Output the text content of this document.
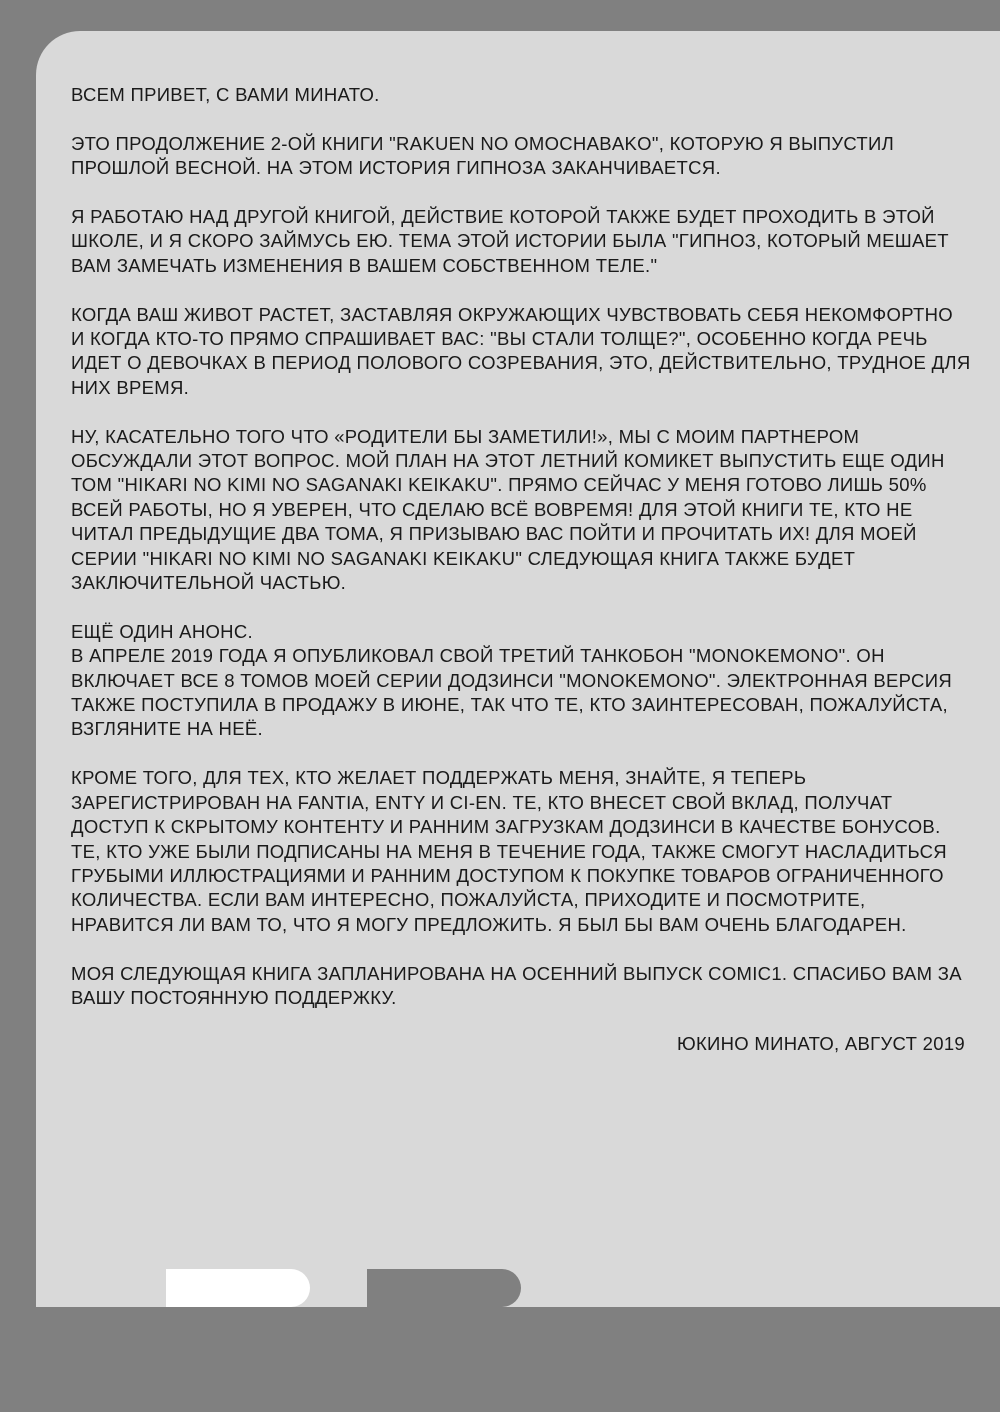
ВСЕМ ПРИВЕТ, С ВАМИ МИНАТО.

ЭТО ПРОДОЛЖЕНИЕ 2-ОЙ КНИГИ "RAKUEN NO OMOCHABAKO", КОТОРУЮ Я ВЫПУСТИЛ ПРОШЛОЙ ВЕСНОЙ. НА ЭТОМ ИСТОРИЯ ГИПНОЗА ЗАКАНЧИВАЕТСЯ.

Я РАБОТАЮ НАД ДРУГОЙ КНИГОЙ, ДЕЙСТВИЕ КОТОРОЙ ТАКЖЕ БУДЕТ ПРОХОДИТЬ В ЭТОЙ ШКОЛЕ, И Я СКОРО ЗАЙМУСЬ ЕЮ. ТЕМА ЭТОЙ ИСТОРИИ БЫЛА "ГИПНОЗ, КОТОРЫЙ МЕШАЕТ ВАМ ЗАМЕЧАТЬ ИЗМЕНЕНИЯ В ВАШЕМ СОБСТВЕННОМ ТЕЛЕ."

КОГДА ВАШ ЖИВОТ РАСТЕТ, ЗАСТАВЛЯЯ ОКРУЖАЮЩИХ ЧУВСТВОВАТЬ СЕБЯ НЕКОМФОРТНО И КОГДА КТО-ТО ПРЯМО СПРАШИВАЕТ ВАС: "ВЫ СТАЛИ ТОЛЩЕ?", ОСОБЕННО КОГДА РЕЧЬ ИДЕТ О ДЕВОЧКАХ В ПЕРИОД ПОЛОВОГО СОЗРЕВАНИЯ, ЭТО, ДЕЙСТВИТЕЛЬНО, ТРУДНОЕ ДЛЯ НИХ ВРЕМЯ.

НУ, КАСАТЕЛЬНО ТОГО ЧТО «РОДИТЕЛИ БЫ ЗАМЕТИЛИ!», МЫ С МОИМ ПАРТНЕРОМ ОБСУЖДАЛИ ЭТОТ ВОПРОС. МОЙ ПЛАН НА ЭТОТ ЛЕТНИЙ КОМИКЕТ ВЫПУСТИТЬ ЕЩЕ ОДИН ТОМ "HIKARI NO KIMI NO SAGANAKI KEIKAKU". ПРЯМО СЕЙЧАС У МЕНЯ ГОТОВО ЛИШЬ 50% ВСЕЙ РАБОТЫ, НО Я УВЕРЕН, ЧТО СДЕЛАЮ ВСЁ ВОВРЕМЯ! ДЛЯ ЭТОЙ КНИГИ ТЕ, КТО НЕ ЧИТАЛ ПРЕДЫДУЩИЕ ДВА ТОМА, Я ПРИЗЫВАЮ ВАС ПОЙТИ И ПРОЧИТАТЬ ИХ! ДЛЯ МОЕЙ СЕРИИ "HIKARI NO KIMI NO SAGANAKI KEIKAKU" СЛЕДУЮЩАЯ КНИГА ТАКЖЕ БУДЕТ ЗАКЛЮЧИТЕЛЬНОЙ ЧАСТЬЮ.

ЕЩЁ ОДИН АНОНС.
В АПРЕЛЕ 2019 ГОДА Я ОПУБЛИКОВАЛ СВОЙ ТРЕТИЙ ТАНКОБОН "MONOKEMONO". ОН ВКЛЮЧАЕТ ВСЕ 8 ТОМОВ МОЕЙ СЕРИИ ДОДЗИНСИ "MONOKEMONO". ЭЛЕКТРОННАЯ ВЕРСИЯ ТАКЖЕ ПОСТУПИЛА В ПРОДАЖУ В ИЮНЕ, ТАК ЧТО ТЕ, КТО ЗАИНТЕРЕСОВАН, ПОЖАЛУЙСТА, ВЗГЛЯНИТЕ НА НЕЁ.

КРОМЕ ТОГО, ДЛЯ ТЕХ, КТО ЖЕЛАЕТ ПОДДЕРЖАТЬ МЕНЯ, ЗНАЙТЕ, Я ТЕПЕРЬ ЗАРЕГИСТРИРОВАН НА FANTIA, ENTY И CI-EN. ТЕ, КТО ВНЕСЕТ СВОЙ ВКЛАД, ПОЛУЧАТ ДОСТУП К СКРЫТОМУ КОНТЕНТУ И РАННИМ ЗАГРУЗКАМ ДОДЗИНСИ В КАЧЕСТВЕ БОНУСОВ. ТЕ, КТО УЖЕ БЫЛИ ПОДПИСАНЫ НА МЕНЯ В ТЕЧЕНИЕ ГОДА, ТАКЖЕ СМОГУТ НАСЛАДИТЬСЯ ГРУБЫМИ ИЛЛЮСТРАЦИЯМИ И РАННИМ ДОСТУПОМ К ПОКУПКЕ ТОВАРОВ ОГРАНИЧЕННОГО КОЛИЧЕСТВА. ЕСЛИ ВАМ ИНТЕРЕСНО, ПОЖАЛУЙСТА, ПРИХОДИТЕ И ПОСМОТРИТЕ, НРАВИТСЯ ЛИ ВАМ ТО, ЧТО Я МОГУ ПРЕДЛОЖИТЬ. Я БЫЛ БЫ ВАМ ОЧЕНЬ БЛАГОДАРЕН.

МОЯ СЛЕДУЮЩАЯ КНИГА ЗАПЛАНИРОВАНА НА ОСЕННИЙ ВЫПУСК COMIC1. СПАСИБО ВАМ ЗА ВАШУ ПОСТОЯННУЮ ПОДДЕРЖКУ.

ЮКИНО МИНАТО, АВГУСТ 2019
